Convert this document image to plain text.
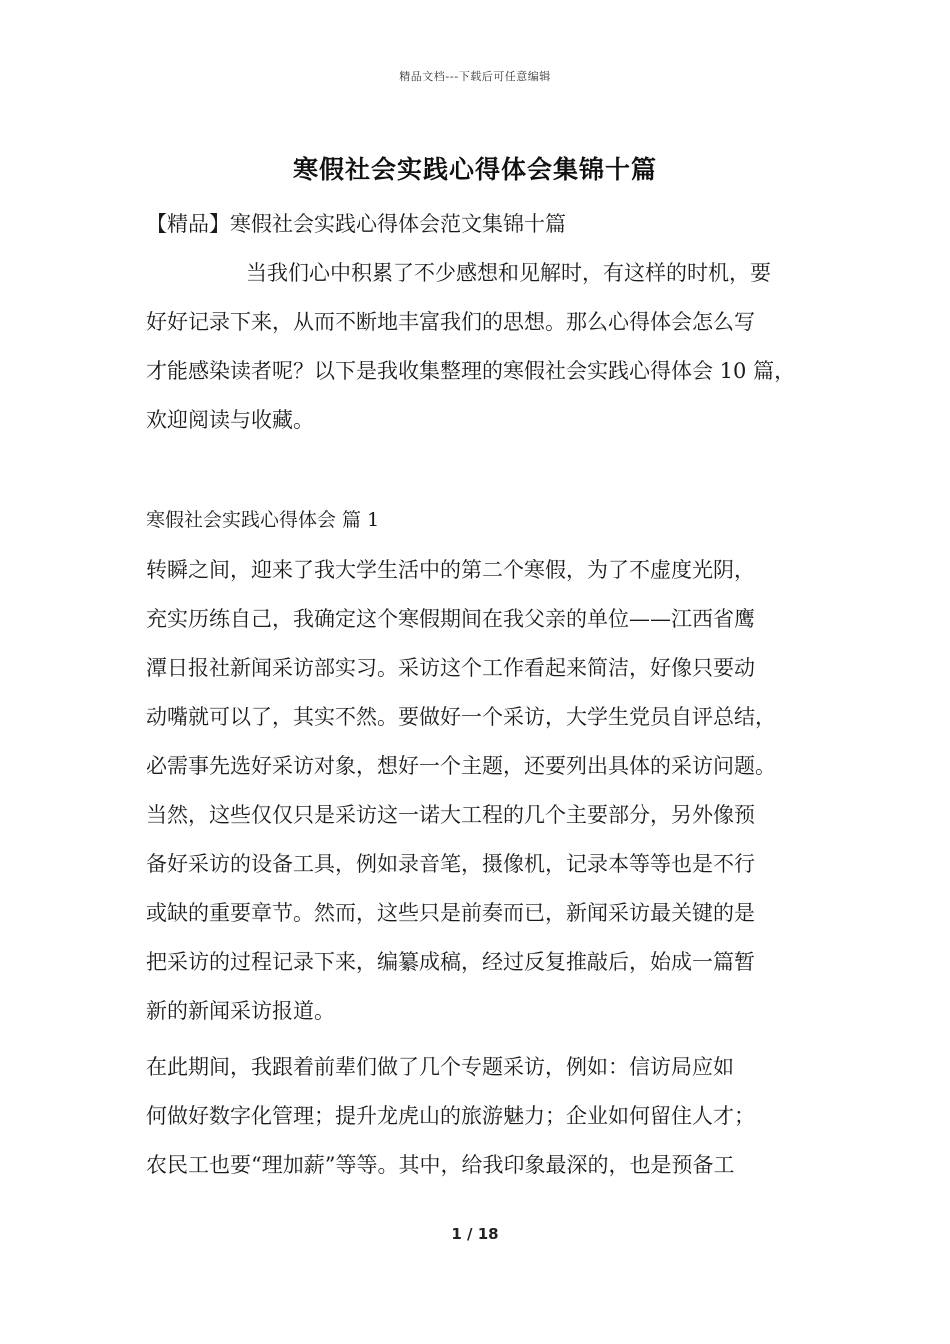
精品文档---下载后可任意编辑
寒假社会实践心得体会集锦十篇
【精品】寒假社会实践心得体会范文集锦十篇
当我们心中积累了不少感想和见解时，有这样的时机，要
好好记录下来，从而不断地丰富我们的思想。那么心得体会怎么写
才能感染读者呢？以下是我收集整理的寒假社会实践心得体会 10 篇，
欢迎阅读与收藏。
寒假社会实践心得体会 篇 1
转瞬之间，迎来了我大学生活中的第二个寒假，为了不虚度光阴，
充实历练自己，我确定这个寒假期间在我父亲的单位——江西省鹰
潭日报社新闻采访部实习。采访这个工作看起来简洁，好像只要动
动嘴就可以了，其实不然。要做好一个采访，大学生党员自评总结，
必需事先选好采访对象，想好一个主题，还要列出具体的采访问题。
当然，这些仅仅只是采访这一诺大工程的几个主要部分，另外像预
备好采访的设备工具，例如录音笔，摄像机，记录本等等也是不行
或缺的重要章节。然而，这些只是前奏而已，新闻采访最关键的是
把采访的过程记录下来，编纂成稿，经过反复推敲后，始成一篇暂
新的新闻采访报道。
在此期间，我跟着前辈们做了几个专题采访，例如：信访局应如
何做好数字化管理；提升龙虎山的旅游魅力；企业如何留住人才；
农民工也要“理加薪”等等。其中，给我印象最深的，也是预备工
1 / 18
